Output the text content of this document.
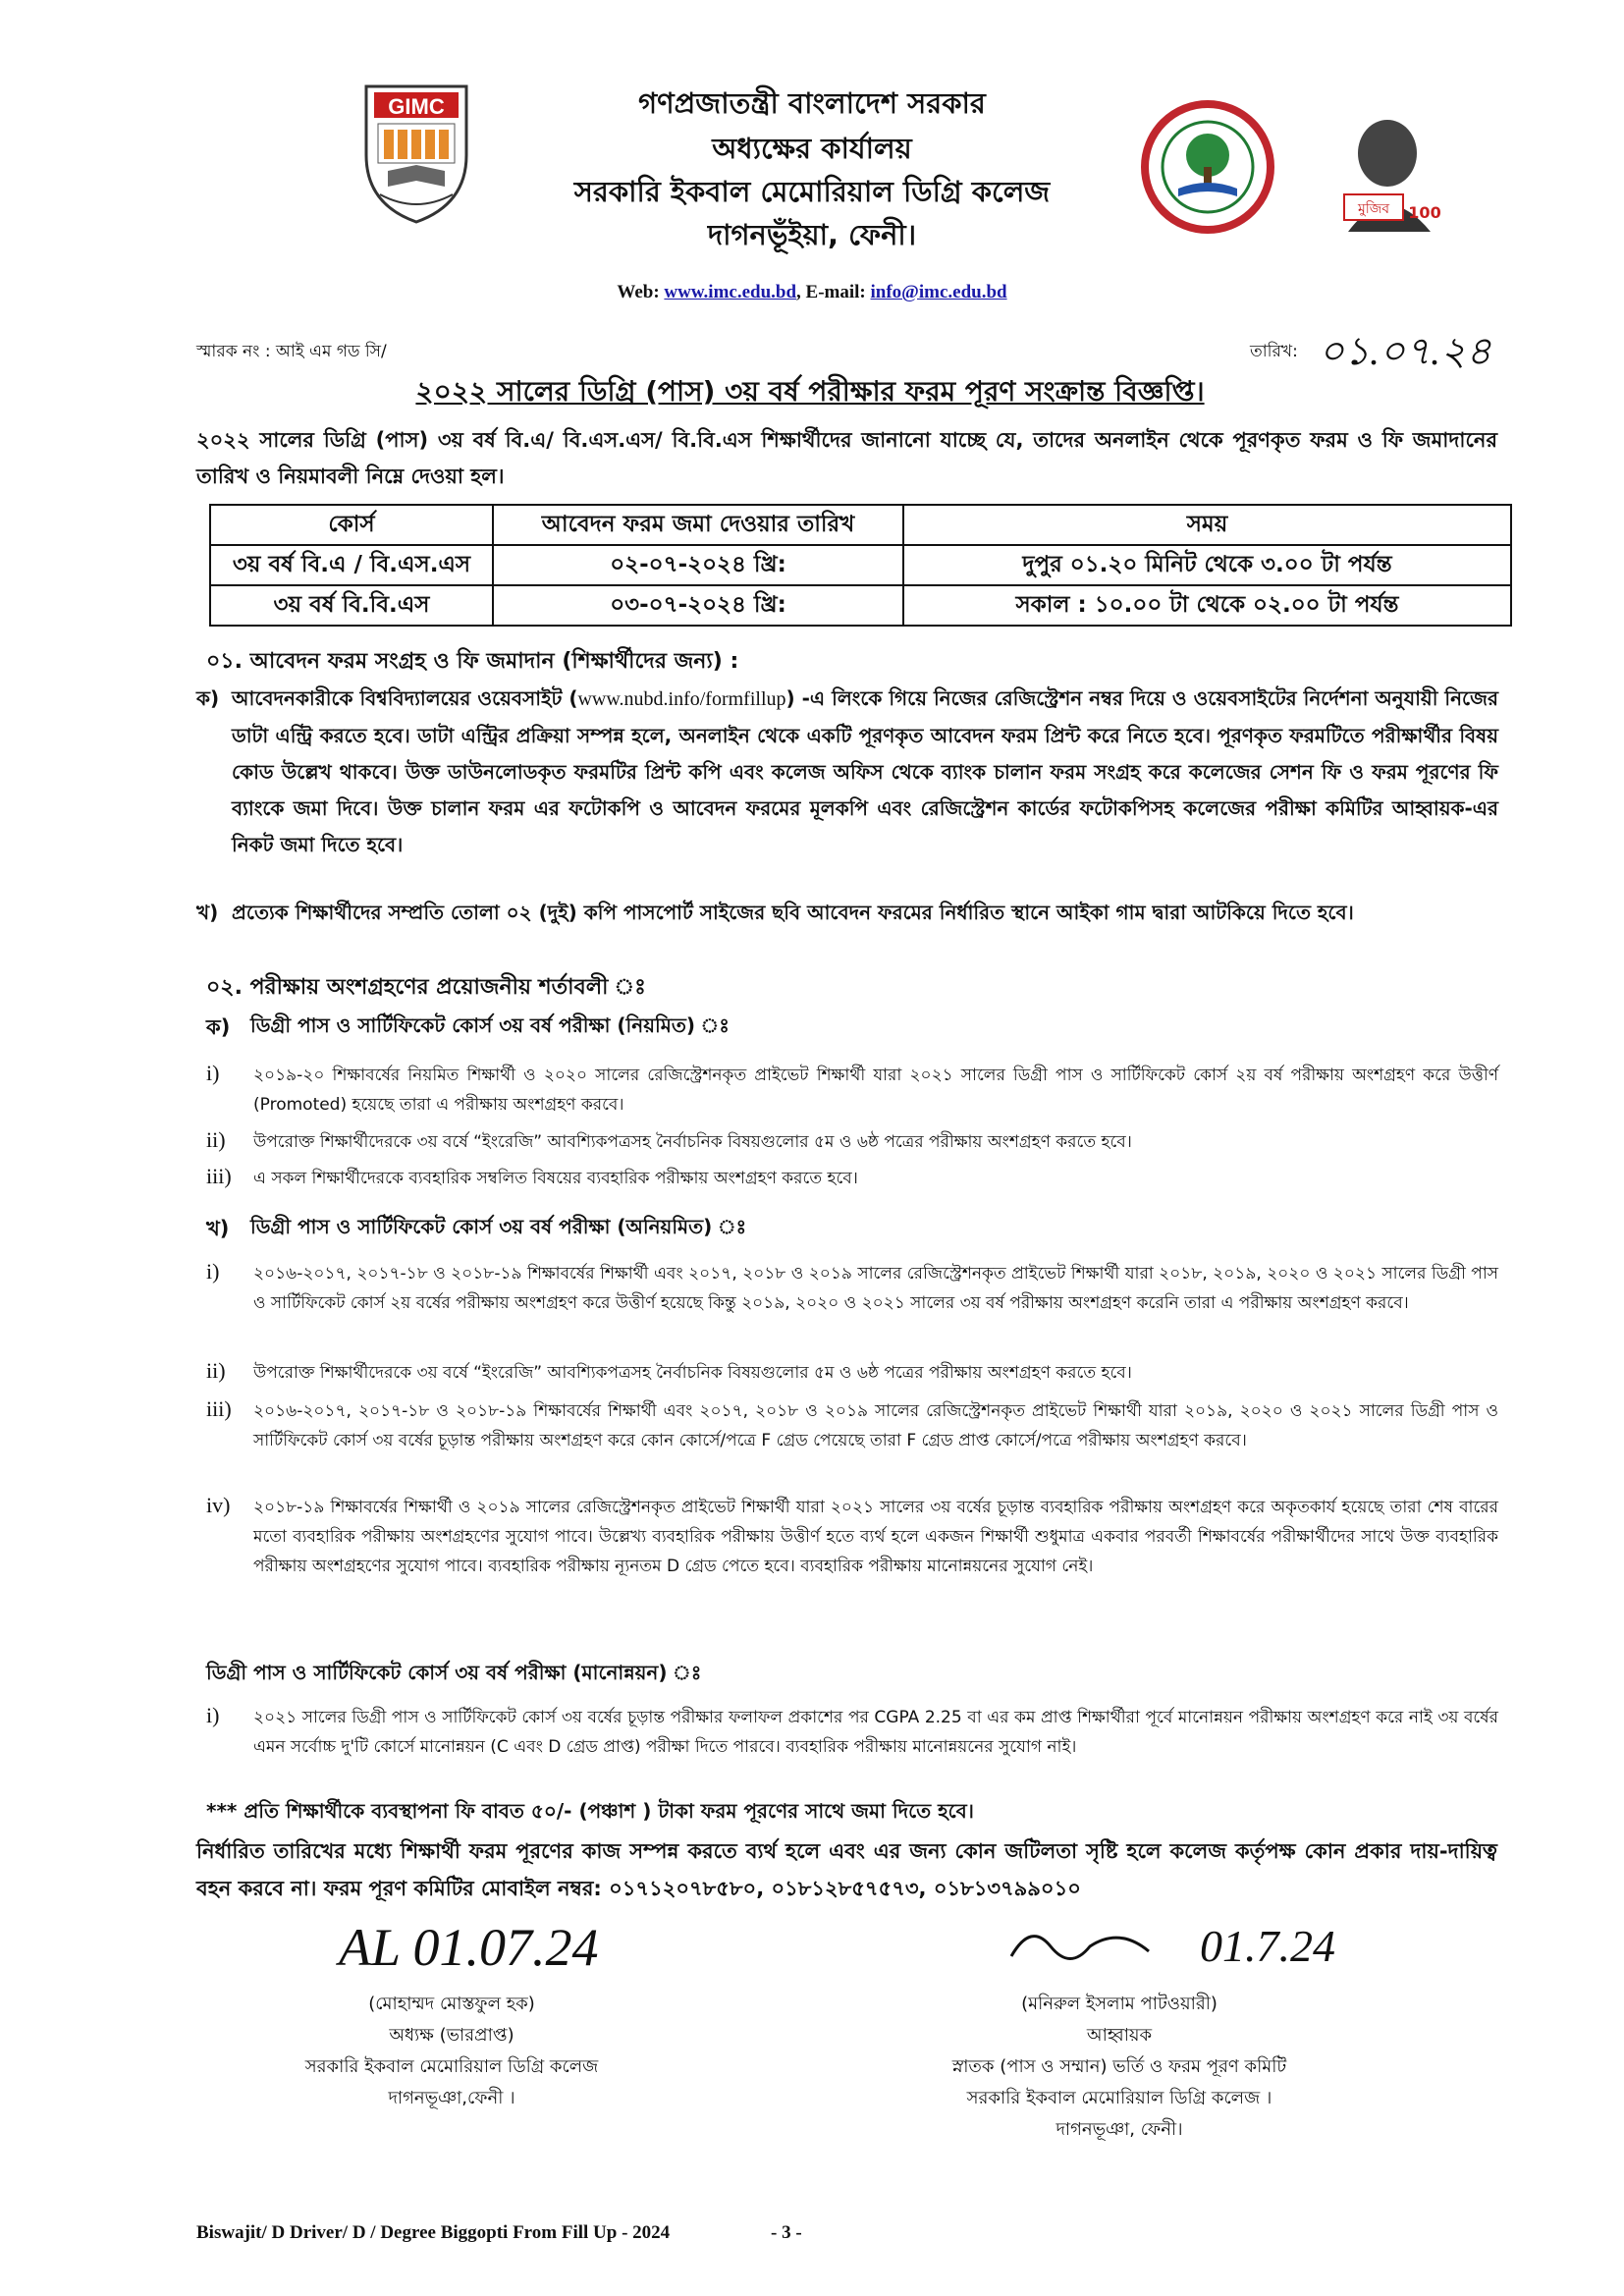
GIMC
মুজিব 100
গণপ্রজাতন্ত্রী বাংলাদেশ সরকার
অধ্যক্ষের কার্যালয়
সরকারি ইকবাল মেমোরিয়াল ডিগ্রি কলেজ
দাগনভূঁইয়া, ফেনী।
Web: www.imc.edu.bd, E-mail: info@imc.edu.bd
স্মারক নং : আই এম গড সি/	তারিখ: ০১.০৭.২৪
২০২২ সালের ডিগ্রি (পাস) ৩য় বর্ষ পরীক্ষার ফরম পূরণ সংক্রান্ত বিজ্ঞপ্তি।
২০২২ সালের ডিগ্রি (পাস) ৩য় বর্ষ বি.এ/ বি.এস.এস/ বি.বি.এস শিক্ষার্থীদের জানানো যাচ্ছে যে, তাদের অনলাইন থেকে পূরণকৃত ফরম ও ফি জমাদানের তারিখ ও নিয়মাবলী নিম্নে দেওয়া হল।
কোর্স	আবেদন ফরম জমা দেওয়ার তারিখ	সময়
৩য় বর্ষ বি.এ / বি.এস.এস	০২-০৭-২০২৪ খ্রি:	দুপুর ০১.২০ মিনিট থেকে ৩.০০ টা পর্যন্ত
৩য় বর্ষ বি.বি.এস	০৩-০৭-২০২৪ খ্রি:	সকাল : ১০.০০ টা থেকে ০২.০০ টা পর্যন্ত
০১. আবেদন ফরম সংগ্রহ ও ফি জমাদান (শিক্ষার্থীদের জন্য) :
ক) আবেদনকারীকে বিশ্ববিদ্যালয়ের ওয়েবসাইট (www.nubd.info/formfillup) -এ লিংকে গিয়ে নিজের রেজিস্ট্রেশন নম্বর দিয়ে ও ওয়েবসাইটের নির্দেশনা অনুযায়ী নিজের ডাটা এন্ট্রি করতে হবে। ডাটা এন্ট্রির প্রক্রিয়া সম্পন্ন হলে, অনলাইন থেকে একটি পূরণকৃত আবেদন ফরম প্রিন্ট করে নিতে হবে। পূরণকৃত ফরমটিতে পরীক্ষার্থীর বিষয় কোড উল্লেখ থাকবে। উক্ত ডাউনলোডকৃত ফরমটির প্রিন্ট কপি এবং কলেজ অফিস থেকে ব্যাংক চালান ফরম সংগ্রহ করে কলেজের সেশন ফি ও ফরম পূরণের ফি ব্যাংকে জমা দিবে। উক্ত চালান ফরম এর ফটোকপি ও আবেদন ফরমের মূলকপি এবং রেজিস্ট্রেশন কার্ডের ফটোকপিসহ কলেজের পরীক্ষা কমিটির আহ্বায়ক-এর নিকট জমা দিতে হবে।
খ) প্রত্যেক শিক্ষার্থীদের সম্প্রতি তোলা ০২ (দুই) কপি পাসপোর্ট সাইজের ছবি আবেদন ফরমের নির্ধারিত স্থানে আইকা গাম দ্বারা আটকিয়ে দিতে হবে।
০২. পরীক্ষায় অংশগ্রহণের প্রয়োজনীয় শর্তাবলী ঃ
ক) ডিগ্রী পাস ও সার্টিফিকেট কোর্স ৩য় বর্ষ পরীক্ষা (নিয়মিত) ঃ
i) ২০১৯-২০ শিক্ষাবর্ষের নিয়মিত শিক্ষার্থী ও ২০২০ সালের রেজিস্ট্রেশনকৃত প্রাইভেট শিক্ষার্থী যারা ২০২১ সালের ডিগ্রী পাস ও সার্টিফিকেট কোর্স ২য় বর্ষ পরীক্ষায় অংশগ্রহণ করে উত্তীর্ণ (Promoted) হয়েছে তারা এ পরীক্ষায় অংশগ্রহণ করবে।
ii) উপরোক্ত শিক্ষার্থীদেরকে ৩য় বর্ষে “ইংরেজি” আবশ্যিকপত্রসহ নৈর্বাচনিক বিষয়গুলোর ৫ম ও ৬ষ্ঠ পত্রের পরীক্ষায় অংশগ্রহণ করতে হবে।
iii) এ সকল শিক্ষার্থীদেরকে ব্যবহারিক সম্বলিত বিষয়ের ব্যবহারিক পরীক্ষায় অংশগ্রহণ করতে হবে।
খ) ডিগ্রী পাস ও সার্টিফিকেট কোর্স ৩য় বর্ষ পরীক্ষা (অনিয়মিত) ঃ
i) ২০১৬-২০১৭, ২০১৭-১৮ ও ২০১৮-১৯ শিক্ষাবর্ষের শিক্ষার্থী এবং ২০১৭, ২০১৮ ও ২০১৯ সালের রেজিস্ট্রেশনকৃত প্রাইভেট শিক্ষার্থী যারা ২০১৮, ২০১৯, ২০২০ ও ২০২১ সালের ডিগ্রী পাস ও সার্টিফিকেট কোর্স ২য় বর্ষের পরীক্ষায় অংশগ্রহণ করে উত্তীর্ণ হয়েছে কিন্তু ২০১৯, ২০২০ ও ২০২১ সালের ৩য় বর্ষ পরীক্ষায় অংশগ্রহণ করেনি তারা এ পরীক্ষায় অংশগ্রহণ করবে।
ii) উপরোক্ত শিক্ষার্থীদেরকে ৩য় বর্ষে “ইংরেজি” আবশ্যিকপত্রসহ নৈর্বাচনিক বিষয়গুলোর ৫ম ও ৬ষ্ঠ পত্রের পরীক্ষায় অংশগ্রহণ করতে হবে।
iii) ২০১৬-২০১৭, ২০১৭-১৮ ও ২০১৮-১৯ শিক্ষাবর্ষের শিক্ষার্থী এবং ২০১৭, ২০১৮ ও ২০১৯ সালের রেজিস্ট্রেশনকৃত প্রাইভেট শিক্ষার্থী যারা ২০১৯, ২০২০ ও ২০২১ সালের ডিগ্রী পাস ও সার্টিফিকেট কোর্স ৩য় বর্ষের চূড়ান্ত পরীক্ষায় অংশগ্রহণ করে কোন কোর্সে/পত্রে F গ্রেড পেয়েছে তারা F গ্রেড প্রাপ্ত কোর্সে/পত্রে পরীক্ষায় অংশগ্রহণ করবে।
iv) ২০১৮-১৯ শিক্ষাবর্ষের শিক্ষার্থী ও ২০১৯ সালের রেজিস্ট্রেশনকৃত প্রাইভেট শিক্ষার্থী যারা ২০২১ সালের ৩য় বর্ষের চূড়ান্ত ব্যবহারিক পরীক্ষায় অংশগ্রহণ করে অকৃতকার্য হয়েছে তারা শেষ বারের মতো ব্যবহারিক পরীক্ষায় অংশগ্রহণের সুযোগ পাবে। উল্লেখ্য ব্যবহারিক পরীক্ষায় উত্তীর্ণ হতে ব্যর্থ হলে একজন শিক্ষার্থী শুধুমাত্র একবার পরবর্তী শিক্ষাবর্ষের পরীক্ষার্থীদের সাথে উক্ত ব্যবহারিক পরীক্ষায় অংশগ্রহণের সুযোগ পাবে। ব্যবহারিক পরীক্ষায় ন্যূনতম D গ্রেড পেতে হবে। ব্যবহারিক পরীক্ষায় মানোন্নয়নের সুযোগ নেই।
ডিগ্রী পাস ও সার্টিফিকেট কোর্স ৩য় বর্ষ পরীক্ষা (মানোন্নয়ন) ঃ
i) ২০২১ সালের ডিগ্রী পাস ও সার্টিফিকেট কোর্স ৩য় বর্ষের চূড়ান্ত পরীক্ষার ফলাফল প্রকাশের পর CGPA 2.25 বা এর কম প্রাপ্ত শিক্ষার্থীরা পূর্বে মানোন্নয়ন পরীক্ষায় অংশগ্রহণ করে নাই ৩য় বর্ষের এমন সর্বোচ্চ দু'টি কোর্সে মানোন্নয়ন (C এবং D গ্রেড প্রাপ্ত) পরীক্ষা দিতে পারবে। ব্যবহারিক পরীক্ষায় মানোন্নয়নের সুযোগ নাই।
*** প্রতি শিক্ষার্থীকে ব্যবস্থাপনা ফি বাবত ৫০/- (পঞ্চাশ ) টাকা ফরম পূরণের সাথে জমা দিতে হবে।
নির্ধারিত তারিখের মধ্যে শিক্ষার্থী ফরম পূরণের কাজ সম্পন্ন করতে ব্যর্থ হলে এবং এর জন্য কোন জটিলতা সৃষ্টি হলে কলেজ কর্তৃপক্ষ কোন প্রকার দায়-দায়িত্ব বহন করবে না। ফরম পূরণ কমিটির মোবাইল নম্বর: ০১৭১২০৭৮৫৮০, ০১৮১২৮৫৭৫৭৩, ০১৮১৩৭৯৯০১০
AL 01.07.24
(মোহাম্মদ মোস্তফুল হক)
অধ্যক্ষ (ভারপ্রাপ্ত)
সরকারি ইকবাল মেমোরিয়াল ডিগ্রি কলেজ
দাগনভূঞা,ফেনী ।
01.7.24
(মনিরুল ইসলাম পাটওয়ারী)
আহ্বায়ক
স্নাতক (পাস ও সম্মান) ভর্তি ও ফরম পূরণ কমিটি
সরকারি ইকবাল মেমোরিয়াল ডিগ্রি কলেজ ।
দাগনভূঞা, ফেনী।
Biswajit/ D Driver/ D / Degree Biggopti From Fill Up - 2024	- 3 -
